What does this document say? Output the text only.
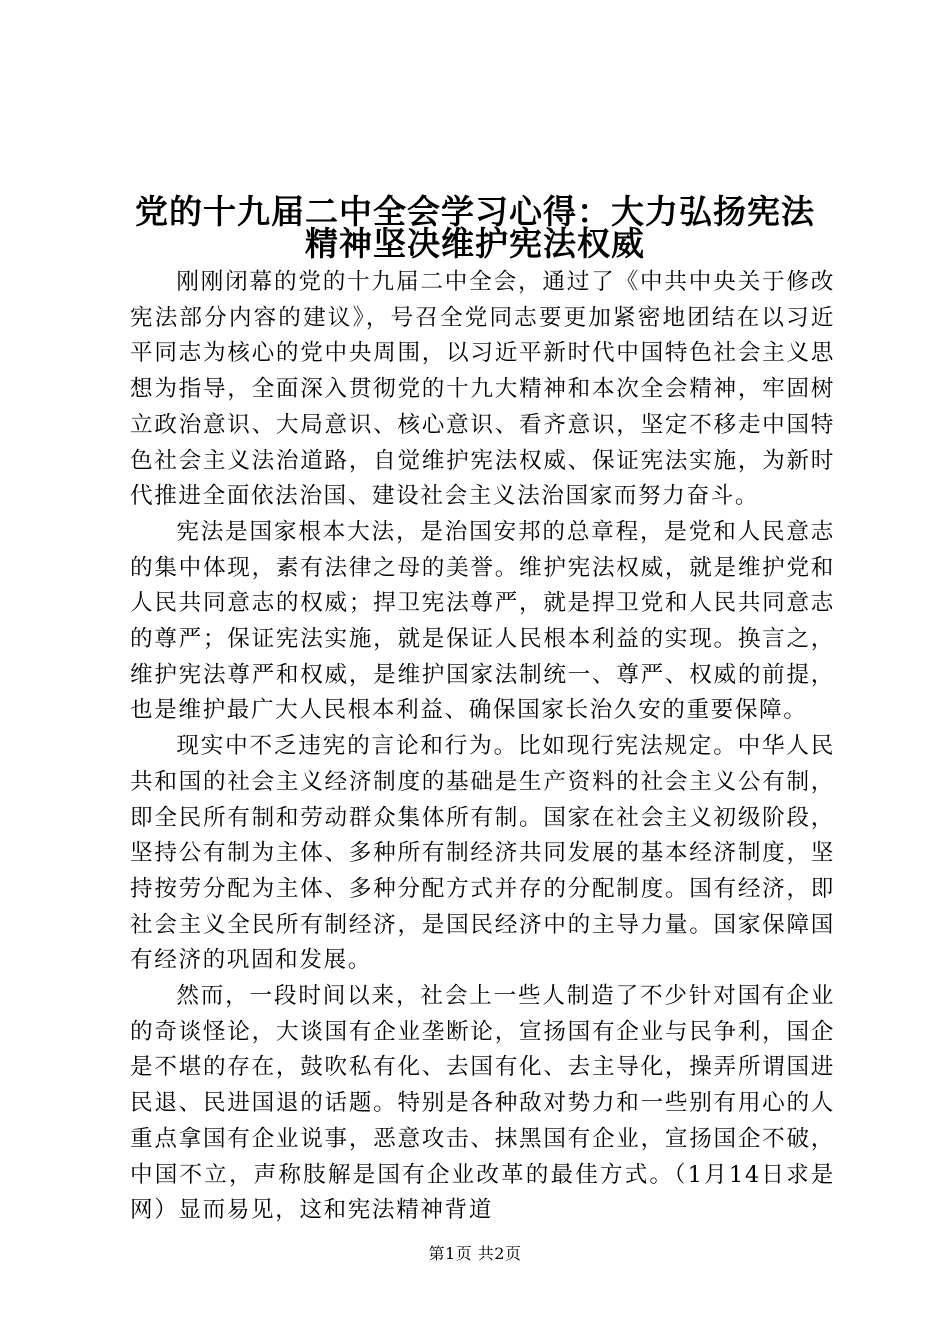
党的十九届二中全会学习心得：大力弘扬宪法
精神坚决维护宪法权威

刚刚闭幕的党的十九届二中全会，通过了《中共中央关于修改宪法部分内容的建议》，号召全党同志要更加紧密地团结在以习近平同志为核心的党中央周围，以习近平新时代中国特色社会主义思想为指导，全面深入贯彻党的十九大精神和本次全会精神，牢固树立政治意识、大局意识、核心意识、看齐意识，坚定不移走中国特色社会主义法治道路，自觉维护宪法权威、保证宪法实施，为新时代推进全面依法治国、建设社会主义法治国家而努力奋斗。

宪法是国家根本大法，是治国安邦的总章程，是党和人民意志的集中体现，素有法律之母的美誉。维护宪法权威，就是维护党和人民共同意志的权威；捍卫宪法尊严，就是捍卫党和人民共同意志的尊严；保证宪法实施，就是保证人民根本利益的实现。换言之，维护宪法尊严和权威，是维护国家法制统一、尊严、权威的前提，也是维护最广大人民根本利益、确保国家长治久安的重要保障。

现实中不乏违宪的言论和行为。比如现行宪法规定。中华人民共和国的社会主义经济制度的基础是生产资料的社会主义公有制，即全民所有制和劳动群众集体所有制。国家在社会主义初级阶段，坚持公有制为主体、多种所有制经济共同发展的基本经济制度，坚持按劳分配为主体、多种分配方式并存的分配制度。国有经济，即社会主义全民所有制经济，是国民经济中的主导力量。国家保障国有经济的巩固和发展。

然而，一段时间以来，社会上一些人制造了不少针对国有企业的奇谈怪论，大谈国有企业垄断论，宣扬国有企业与民争利，国企是不堪的存在，鼓吹私有化、去国有化、去主导化，操弄所谓国进民退、民进国退的话题。特别是各种敌对势力和一些别有用心的人重点拿国有企业说事，恶意攻击、抹黑国有企业，宣扬国企不破，中国不立，声称肢解是国有企业改革的最佳方式。（1月14日求是网）显而易见，这和宪法精神背道

第1页 共2页
